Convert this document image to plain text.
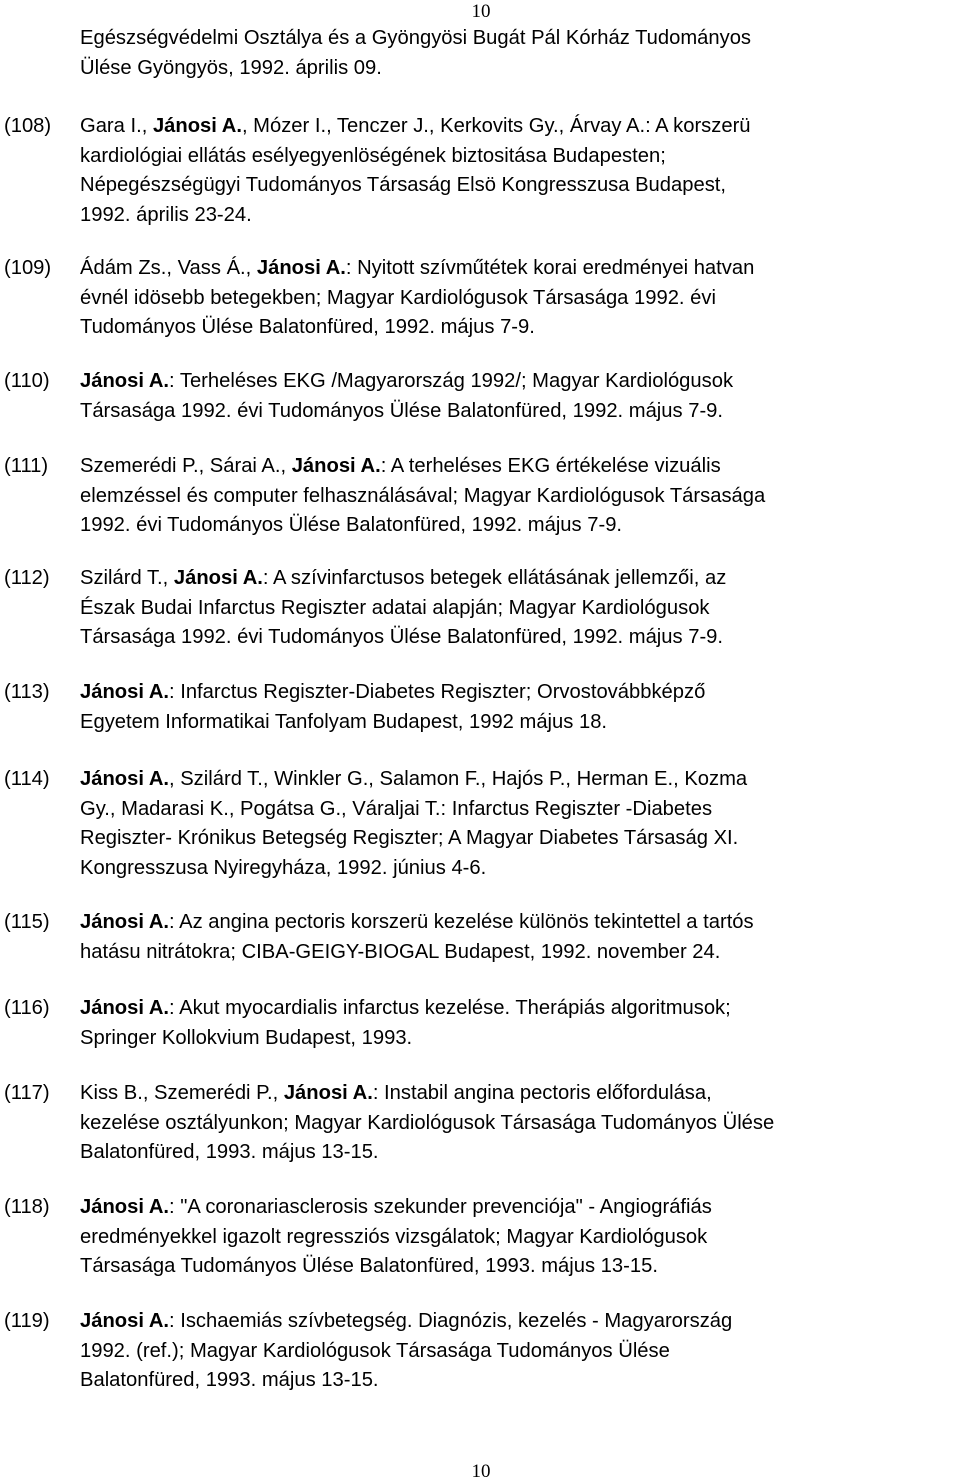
10
Egészségvédelmi Osztálya és a Gyöngyösi Bugát Pál Kórház Tudományos
Ülése Gyöngyös, 1992. április 09.
(108) Gara I., Jánosi A., Mózer I., Tenczer J., Kerkovits Gy., Árvay A.: A korszerü
kardiológiai ellátás esélyegyenlöségének biztositása Budapesten;
Népegészségügyi Tudományos Társaság Elsö Kongresszusa Budapest,
1992. április 23-24.
(109) Ádám Zs., Vass Á., Jánosi A.: Nyitott szívműtétek korai eredményei hatvan
évnél idösebb betegekben; Magyar Kardiológusok Társasága 1992. évi
Tudományos Ülése Balatonfüred, 1992. május 7-9.
(110) Jánosi A.: Terheléses EKG /Magyarország 1992/; Magyar Kardiológusok
Társasága 1992. évi Tudományos Ülése Balatonfüred, 1992. május 7-9.
(111) Szemerédi P., Sárai A., Jánosi A.: A terheléses EKG értékelése vizuális
elemzéssel és computer felhasználásával; Magyar Kardiológusok Társasága
1992. évi Tudományos Ülése Balatonfüred, 1992. május 7-9.
(112) Szilárd T., Jánosi A.: A szívinfarctusos betegek ellátásának jellemzői, az
Észak Budai Infarctus Regiszter adatai alapján; Magyar Kardiológusok
Társasága 1992. évi Tudományos Ülése Balatonfüred, 1992. május 7-9.
(113) Jánosi A.: Infarctus Regiszter-Diabetes Regiszter; Orvostovábbképző
Egyetem Informatikai Tanfolyam Budapest, 1992 május 18.
(114) Jánosi A., Szilárd T., Winkler G., Salamon F., Hajós P., Herman E., Kozma
Gy., Madarasi K., Pogátsa G., Váraljai T.: Infarctus Regiszter -Diabetes
Regiszter- Krónikus Betegség Regiszter; A Magyar Diabetes Társaság XI.
Kongresszusa Nyiregyháza, 1992. június 4-6.
(115) Jánosi A.: Az angina pectoris korszerü kezelése különös tekintettel a tartós
hatásu nitrátokra; CIBA-GEIGY-BIOGAL Budapest, 1992. november 24.
(116) Jánosi A.: Akut myocardialis infarctus kezelése. Therápiás algoritmusok;
Springer Kollokvium Budapest, 1993.
(117) Kiss B., Szemerédi P., Jánosi A.: Instabil angina pectoris előfordulása,
kezelése osztályunkon; Magyar Kardiológusok Társasága Tudományos Ülése
Balatonfüred, 1993. május 13-15.
(118) Jánosi A.: "A coronariasclerosis szekunder prevenciója" - Angiográfiás
eredményekkel igazolt regressziós vizsgálatok; Magyar Kardiológusok
Társasága Tudományos Ülése Balatonfüred, 1993. május 13-15.
(119) Jánosi A.: Ischaemiás szívbetegség. Diagnózis, kezelés - Magyarország
1992. (ref.); Magyar Kardiológusok Társasága Tudományos Ülése
Balatonfüred, 1993. május 13-15.
10
